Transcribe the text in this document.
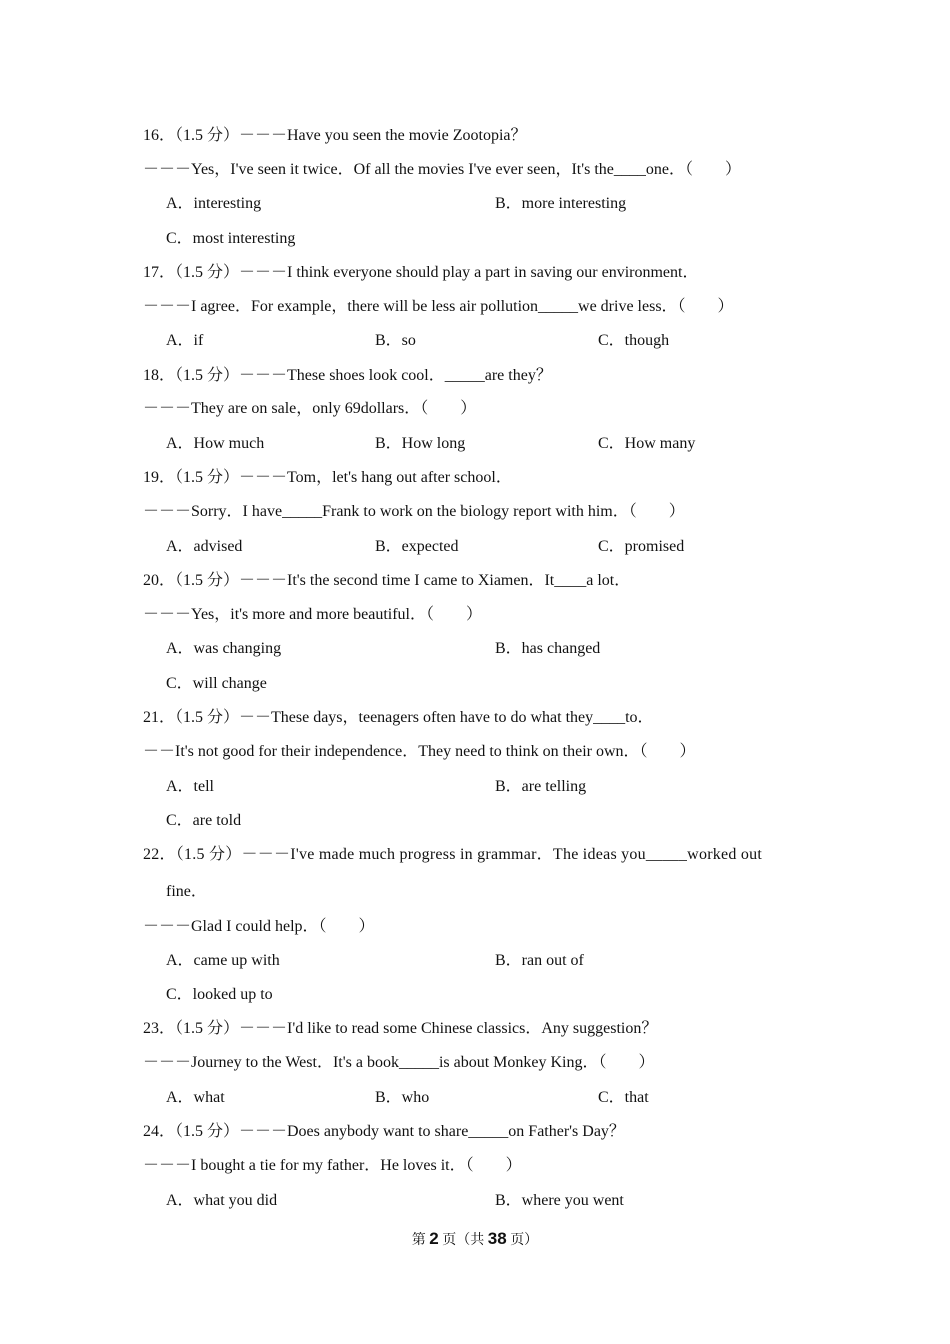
16．（1.5 分）－－－Have you seen the movie Zootopia？
－－－Yes，I've seen it twice．Of all the movies I've ever seen，It's the____one．（　　）
A．interesting	B．more interesting
C．most interesting
17．（1.5 分）－－－I think everyone should play a part in saving our environment．
－－－I agree．For example，there will be less air pollution_____we drive less．（　　）
A．if	B．so	C．though
18．（1.5 分）－－－These shoes look cool．_____are they？
－－－They are on sale，only 69dollars．（　　）
A．How much	B．How long	C．How many
19．（1.5 分）－－－Tom，let's hang out after school．
－－－Sorry．I have_____Frank to work on the biology report with him．（　　）
A．advised	B．expected	C．promised
20．（1.5 分）－－－It's the second time I came to Xiamen．It____a lot．
－－－Yes，it's more and more beautiful．（　　）
A．was changing	B．has changed
C．will change
21．（1.5 分）－－These days，teenagers often have to do what they____to．
－－It's not good for their independence．They need to think on their own．（　　）
A．tell	B．are telling
C．are told
22．（1.5 分）－－－I've made much progress in grammar．The ideas you_____worked out
fine．
－－－Glad I could help．（　　）
A．came up with	B．ran out of
C．looked up to
23．（1.5 分）－－－I'd like to read some Chinese classics．Any suggestion？
－－－Journey to the West．It's a book_____is about Monkey King．（　　）
A．what	B．who	C．that
24．（1.5 分）－－－Does anybody want to share_____on Father's Day？
－－－I bought a tie for my father．He loves it．（　　）
A．what you did	B．where you went
第 2 页（共 38 页）
